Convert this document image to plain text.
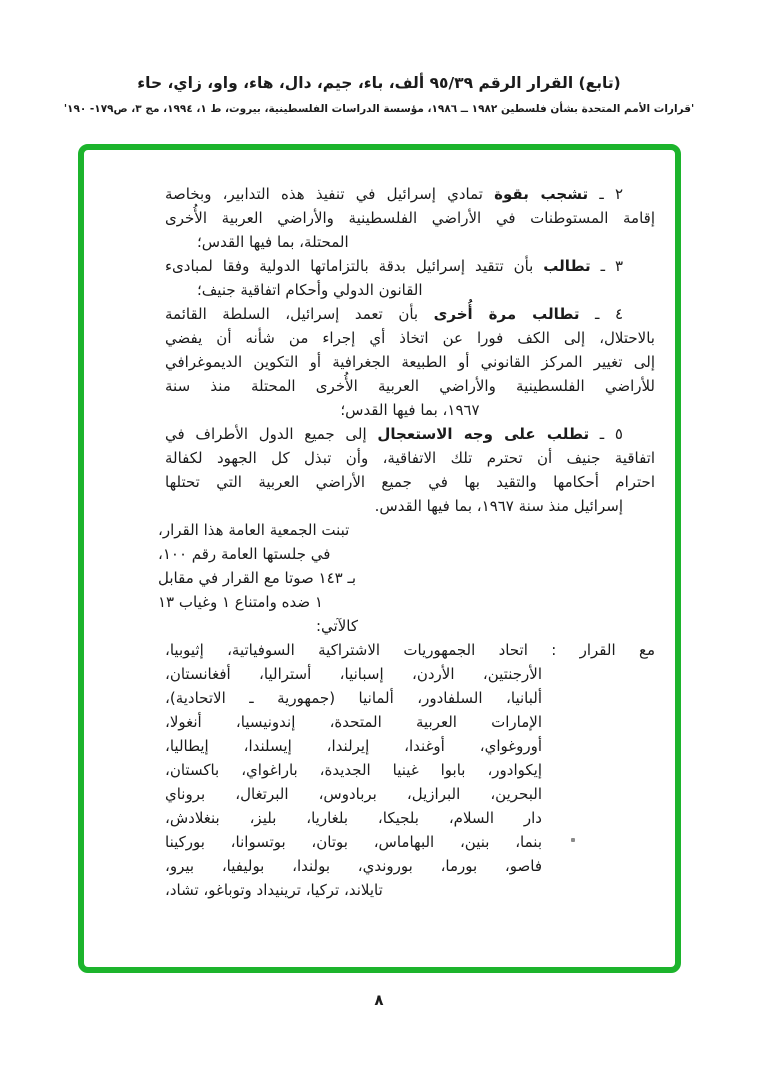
(تابع) القرار الرقم ٩٥/٣٩ ألف، باء، جيم، دال، هاء، واو، زاي، حاء
'قرارات الأمم المتحدة بشأن فلسطين ١٩٨٢ ــ ١٩٨٦، مؤسسة الدراسات الفلسطينية، بيروت، ط ١، ١٩٩٤، مج ٣، ص١٧٩- ١٩٠'
٢ ـ تشجب بقوة تمادي إسرائيل في تنفيذ هذه التدابير، وبخاصة
إقامة المستوطنات في الأراضي الفلسطينية والأراضي العربية الأُخرى
المحتلة، بما فيها القدس؛
٣ ـ تطالب بأن تتقيد إسرائيل بدقة بالتزاماتها الدولية وفقا لمبادىء
القانون الدولي وأحكام اتفاقية جنيف؛
٤ ـ تطالب مرة أُخرى بأن تعمد إسرائيل، السلطة القائمة
بالاحتلال، إلى الكف فورا عن اتخاذ أي إجراء من شأنه أن يفضي
إلى تغيير المركز القانوني أو الطبيعة الجغرافية أو التكوين الديموغرافي
للأراضي الفلسطينية والأراضي العربية الأُخرى المحتلة منذ سنة
١٩٦٧، بما فيها القدس؛
٥ ـ تطلب على وجه الاستعجال إلى جميع الدول الأطراف في
اتفاقية جنيف أن تحترم تلك الاتفاقية، وأن تبذل كل الجهود لكفالة
احترام أحكامها والتقيد بها في جميع الأراضي العربية التي تحتلها
إسرائيل منذ سنة ١٩٦٧، بما فيها القدس.
تبنت الجمعية العامة هذا القرار،
في جلستها العامة رقم ١٠٠،
بـ ١٤٣ صوتا مع القرار في مقابل
١ ضده وامتناع ١ وغياب ١٣
كالآتي:
مع القرار : اتحاد الجمهوريات الاشتراكية السوفياتية، إثيوبيا،
الأرجنتين، الأردن، إسبانيا، أستراليا، أفغانستان،
ألبانيا، السلفادور، ألمانيا (جمهورية ـ الاتحادية)،
الإمارات العربية المتحدة، إندونيسيا، أنغولا،
أوروغواي، أوغندا، إيرلندا، إيسلندا، إيطاليا،
إيكوادور، بابوا غينيا الجديدة، باراغواي، باكستان،
البحرين، البرازيل، بربادوس، البرتغال، بروناي
دار السلام، بلجيكا، بلغاريا، بليز، بنغلادش،
بنما، بنين، البهاماس، بوتان، بوتسوانا، بوركينا
فاصو، بورما، بوروندي، بولندا، بوليفيا، بيرو،
تايلاند، تركيا، ترينيداد وتوباغو، تشاد،
٨
